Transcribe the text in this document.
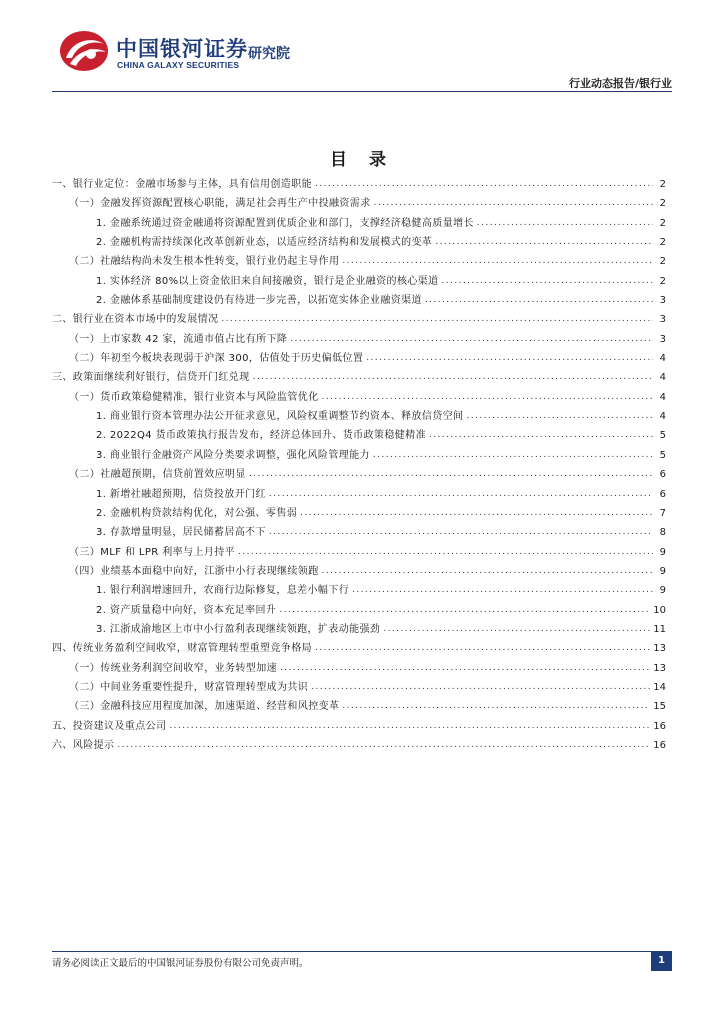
中国银河证券
CHINA GALAXY SECURITIES
研究院
行业动态报告/银行业
目 录
一、银行业定位：金融市场参与主体，具有信用创造职能 .....	2
（一）金融发挥资源配置核心职能，满足社会再生产中投融资需求 .....	2
1. 金融系统通过资金融通将资源配置到优质企业和部门，支撑经济稳健高质量增长 .....	2
2. 金融机构需持续深化改革创新业态，以适应经济结构和发展模式的变革 .....	2
（二）社融结构尚未发生根本性转变，银行业仍起主导作用 .....	2
1. 实体经济 80%以上资金依旧来自间接融资，银行是企业融资的核心渠道 .....	2
2. 金融体系基础制度建设仍有待进一步完善，以拓宽实体企业融资渠道 .....	3
二、银行业在资本市场中的发展情况 .....	3
（一）上市家数 42 家，流通市值占比有所下降 .....	3
（二）年初至今板块表现弱于沪深 300，估值处于历史偏低位置 .....	4
三、政策面继续利好银行，信贷开门红兑现 .....	4
（一）货币政策稳健精准，银行业资本与风险监管优化 .....	4
1. 商业银行资本管理办法公开征求意见，风险权重调整节约资本、释放信贷空间 .....	4
2. 2022Q4 货币政策执行报告发布，经济总体回升、货币政策稳健精准 .....	5
3. 商业银行金融资产风险分类要求调整，强化风险管理能力 .....	5
（二）社融超预期，信贷前置效应明显 .....	6
1. 新增社融超预期，信贷投放开门红 .....	6
2. 金融机构贷款结构优化，对公强、零售弱 .....	7
3. 存款增量明显，居民储蓄居高不下 .....	8
（三）MLF 和 LPR 利率与上月持平 .....	9
（四）业绩基本面稳中向好，江浙中小行表现继续领跑 .....	9
1. 银行利润增速回升，农商行边际修复，息差小幅下行 .....	9
2. 资产质量稳中向好，资本充足率回升 .....	10
3. 江浙成渝地区上市中小行盈利表现继续领跑，扩表动能强劲 .....	11
四、传统业务盈利空间收窄，财富管理转型重塑竞争格局 .....	13
（一）传统业务利润空间收窄，业务转型加速 .....	13
（二）中间业务重要性提升，财富管理转型成为共识 .....	14
（三）金融科技应用程度加深，加速渠道、经营和风控变革 .....	15
五、投资建议及重点公司 .....	16
六、风险提示 .....	16
请务必阅读正文最后的中国银河证券股份有限公司免责声明。	1
